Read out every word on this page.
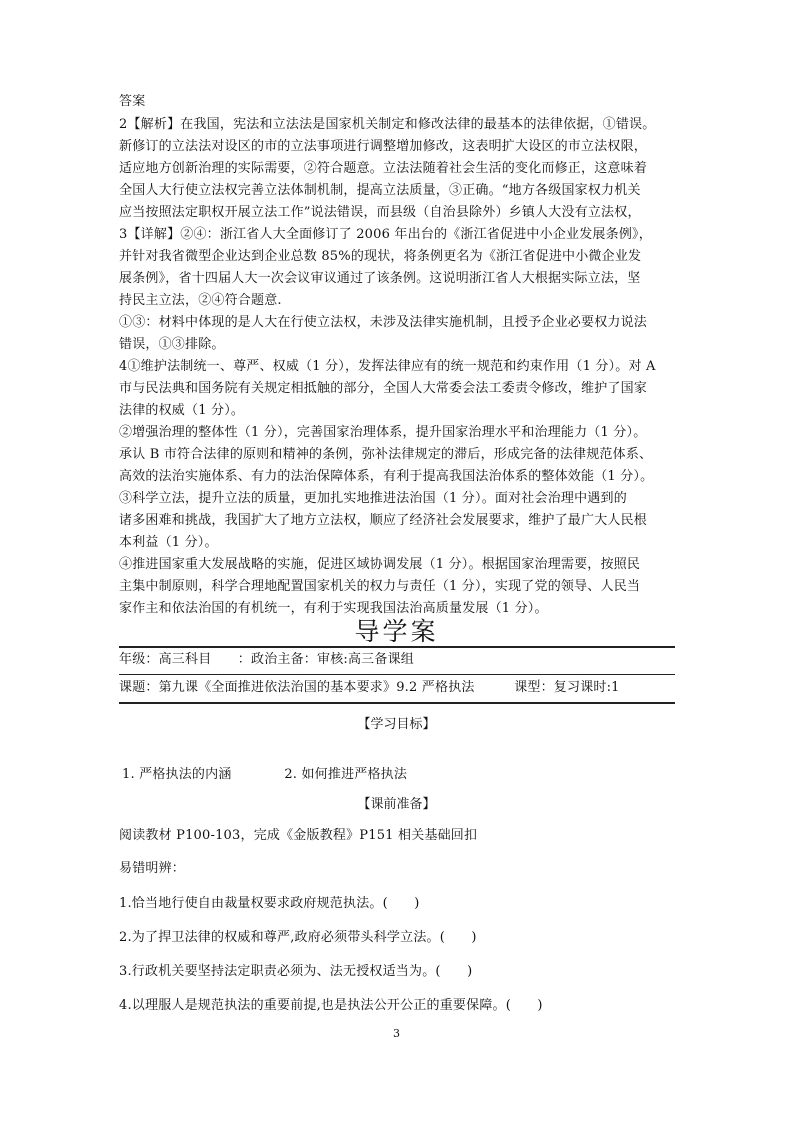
答案
2【解析】在我国，宪法和立法法是国家机关制定和修改法律的最基本的法律依据，①错误。
新修订的立法法对设区的市的立法事项进行调整增加修改，这表明扩大设区的市立法权限，
适应地方创新治理的实际需要，②符合题意。立法法随着社会生活的变化而修正，这意味着
全国人大行使立法权完善立法体制机制，提高立法质量，③正确。“地方各级国家权力机关
应当按照法定职权开展立法工作”说法错误，而县级（自治县除外）乡镇人大没有立法权，
3【详解】②④：浙江省人大全面修订了 2006 年出台的《浙江省促进中小企业发展条例》，
并针对我省微型企业达到企业总数 85%的现状，将条例更名为《浙江省促进中小微企业发
展条例》，省十四届人大一次会议审议通过了该条例。这说明浙江省人大根据实际立法，坚
持民主立法，②④符合题意.
①③：材料中体现的是人大在行使立法权，未涉及法律实施机制，且授予企业必要权力说法
错误，①③排除。
4①维护法制统一、尊严、权威（1 分），发挥法律应有的统一规范和约束作用（1 分）。对 A
市与民法典和国务院有关规定相抵触的部分，全国人大常委会法工委责令修改，维护了国家
法律的权威（1 分）。
②增强治理的整体性（1 分），完善国家治理体系，提升国家治理水平和治理能力（1 分）。
承认 B 市符合法律的原则和精神的条例，弥补法律规定的滞后，形成完备的法律规范体系、
高效的法治实施体系、有力的法治保障体系，有利于提高我国法治体系的整体效能（1 分）。
③科学立法，提升立法的质量，更加扎实地推进法治国（1 分）。面对社会治理中遇到的
诸多困难和挑战，我国扩大了地方立法权，顺应了经济社会发展要求，维护了最广大人民根
本利益（1 分）。
④推进国家重大发展战略的实施，促进区域协调发展（1 分）。根据国家治理需要，按照民
主集中制原则，科学合理地配置国家机关的权力与责任（1 分），实现了党的领导、人民当
家作主和依法治国的有机统一，有利于实现我国法治高质量发展（1 分）。
导学案
年级：高三科目　　：政治主备：审核:高三备课组
课题：第九课《全面推进依法治国的基本要求》9.2 严格执法　　　课型：复习课时:1
【学习目标】
1. 严格执法的内涵　　　　2. 如何推进严格执法
【课前准备】
阅读教材 P100-103，完成《金版教程》P151 相关基础回扣
易错明辨：
1.恰当地行使自由裁量权要求政府规范执法。(　　)
2.为了捍卫法律的权威和尊严,政府必须带头科学立法。(　　)
3.行政机关要坚持法定职责必须为、法无授权适当为。(　　)
4.以理服人是规范执法的重要前提,也是执法公开公正的重要保障。(　　)
3
